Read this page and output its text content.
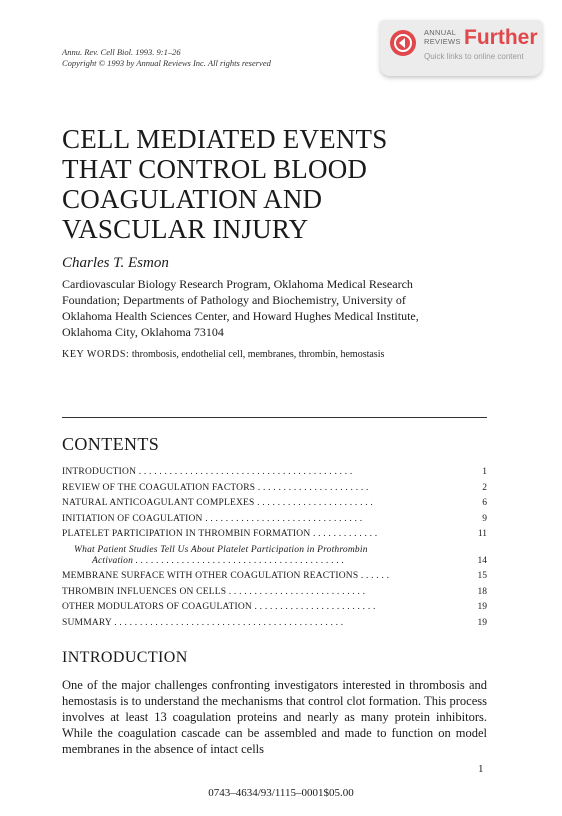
Annu. Rev. Cell Biol. 1993. 9:1–26
Copyright © 1993 by Annual Reviews Inc. All rights reserved
ANNUAL
REVIEWS Further
Quick links to online content
CELL MEDIATED EVENTS
THAT CONTROL BLOOD
COAGULATION AND
VASCULAR INJURY
Charles T. Esmon
Cardiovascular Biology Research Program, Oklahoma Medical Research
Foundation; Departments of Pathology and Biochemistry, University of
Oklahoma Health Sciences Center, and Howard Hughes Medical Institute,
Oklahoma City, Oklahoma 73104
KEY WORDS: thrombosis, endothelial cell, membranes, thrombin, hemostasis
CONTENTS
INTRODUCTION . . . . . . . . . . . . . . . . . . . . . . . . . . . . . . . . . . . . . . . . . .	1
REVIEW OF THE COAGULATION FACTORS . . . . . . . . . . . . . . . . . . . . . .	2
NATURAL ANTICOAGULANT COMPLEXES . . . . . . . . . . . . . . . . . . . . . . .	6
INITIATION OF COAGULATION . . . . . . . . . . . . . . . . . . . . . . . . . . . . . . .	9
PLATELET PARTICIPATION IN THROMBIN FORMATION . . . . . . . . . . . . .	11
What Patient Studies Tell Us About Platelet Participation in Prothrombin
Activation . . . . . . . . . . . . . . . . . . . . . . . . . . . . . . . . . . . . . . . . .	14
MEMBRANE SURFACE WITH OTHER COAGULATION REACTIONS . . . . . .	15
THROMBIN INFLUENCES ON CELLS . . . . . . . . . . . . . . . . . . . . . . . . . . .	18
OTHER MODULATORS OF COAGULATION . . . . . . . . . . . . . . . . . . . . . . . .	19
SUMMARY . . . . . . . . . . . . . . . . . . . . . . . . . . . . . . . . . . . . . . . . . . . . .	19
INTRODUCTION
One of the major challenges confronting investigators interested in thrombosis and hemostasis is to understand the mechanisms that control clot formation. This process involves at least 13 coagulation proteins and nearly as many protein inhibitors. While the coagulation cascade can be assembled and made to function on model membranes in the absence of intact cells
1
0743–4634/93/1115–0001$05.00
